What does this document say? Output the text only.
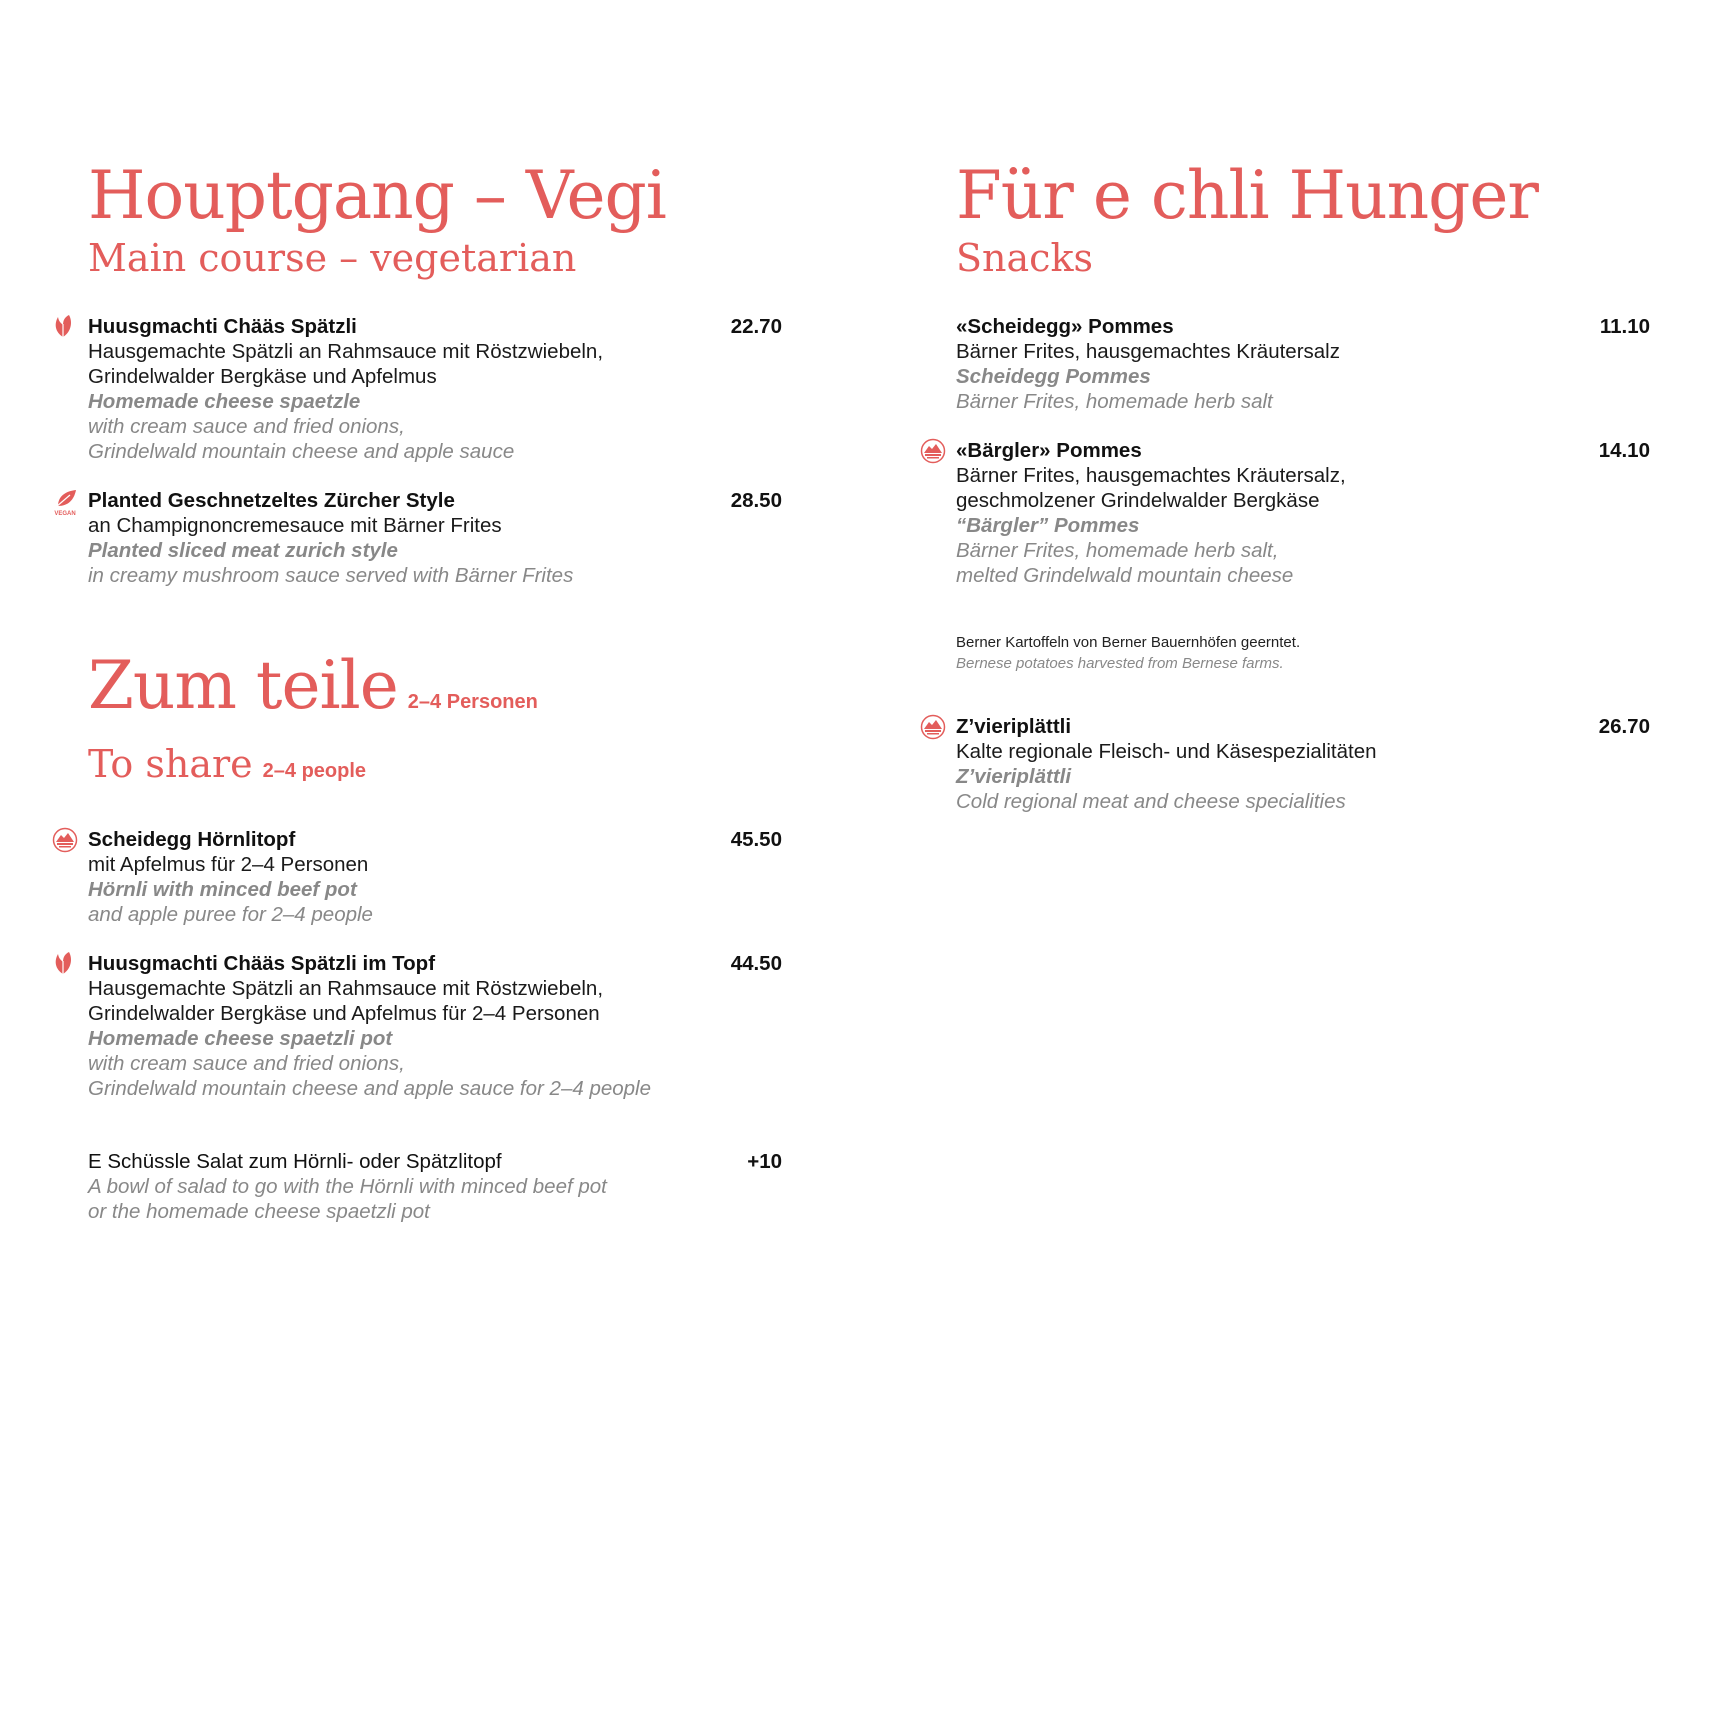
Houptgang – Vegi
Main course – vegetarian
Huusgmachti Chääs Spätzli	22.70
Hausgemachte Spätzli an Rahmsauce mit Röstzwiebeln,
Grindelwalder Bergkäse und Apfelmus
Homemade cheese spaetzle
with cream sauce and fried onions,
Grindelwald mountain cheese and apple sauce
VEGAN
Planted Geschnetzeltes Zürcher Style	28.50
an Champignoncremesauce mit Bärner Frites
Planted sliced meat zurich style
in creamy mushroom sauce served with Bärner Frites
Zum teile 2–4 Personen
To share 2–4 people
Scheidegg Hörnlitopf	45.50
mit Apfelmus für 2–4 Personen
Hörnli with minced beef pot
and apple puree for 2–4 people
Huusgmachti Chääs Spätzli im Topf	44.50
Hausgemachte Spätzli an Rahmsauce mit Röstzwiebeln,
Grindelwalder Bergkäse und Apfelmus für 2–4 Personen
Homemade cheese spaetzli pot
with cream sauce and fried onions,
Grindelwald mountain cheese and apple sauce for 2–4 people
E Schüssle Salat zum Hörnli- oder Spätzlitopf	+10
A bowl of salad to go with the Hörnli with minced beef pot
or the homemade cheese spaetzli pot
Für e chli Hunger
Snacks
«Scheidegg» Pommes	11.10
Bärner Frites, hausgemachtes Kräutersalz
Scheidegg Pommes
Bärner Frites, homemade herb salt
«Bärgler» Pommes	14.10
Bärner Frites, hausgemachtes Kräutersalz,
geschmolzener Grindelwalder Bergkäse
“Bärgler” Pommes
Bärner Frites, homemade herb salt,
melted Grindelwald mountain cheese
Berner Kartoffeln von Berner Bauernhöfen geerntet.
Bernese potatoes harvested from Bernese farms.
Z’vieriplättli	26.70
Kalte regionale Fleisch- und Käsespezialitäten
Z’vieriplättli
Cold regional meat and cheese specialities
